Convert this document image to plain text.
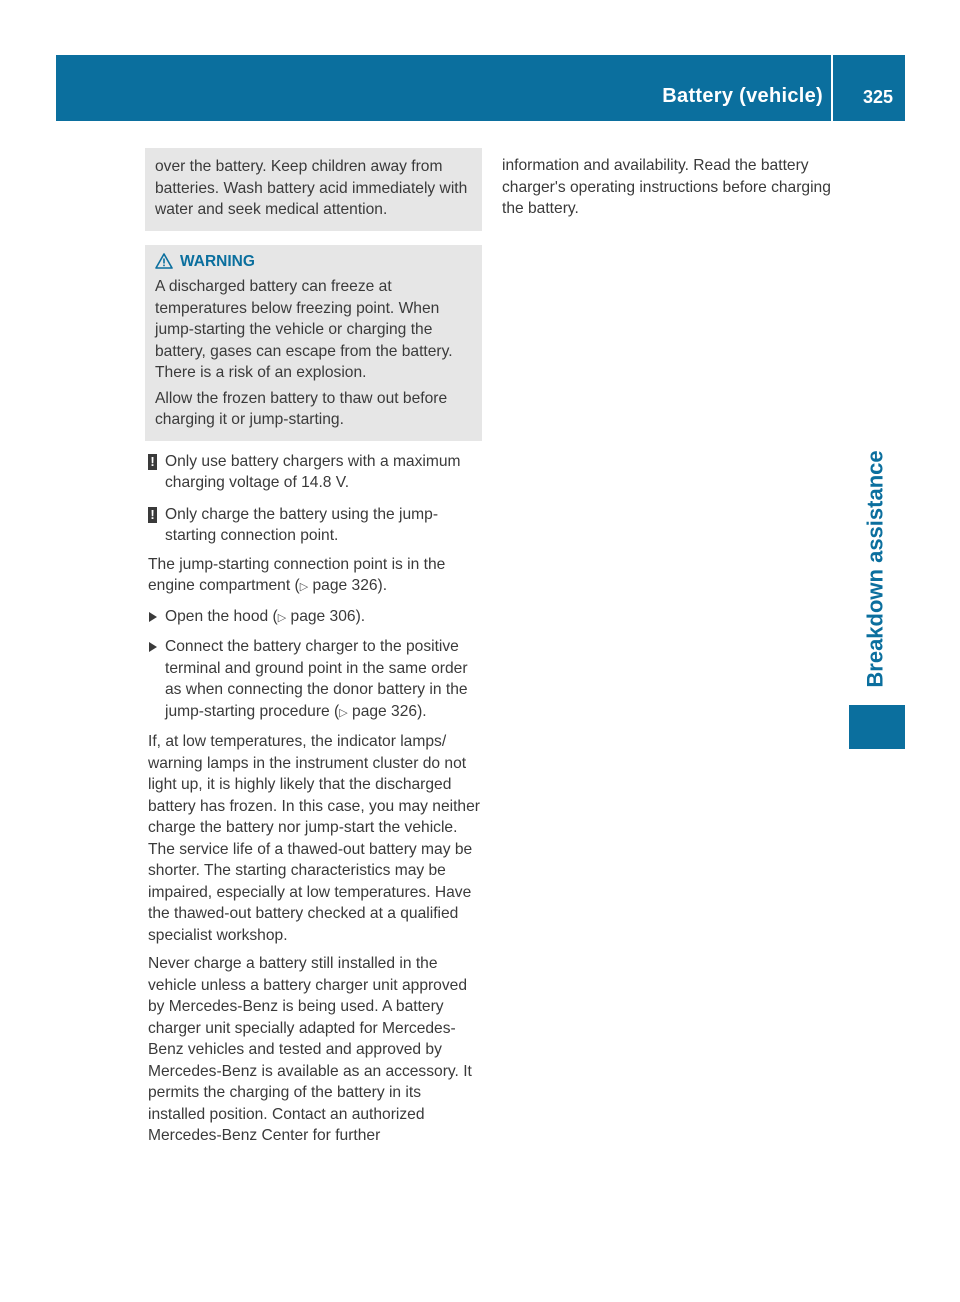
Battery (vehicle) 325
Breakdown assistance

over the battery. Keep children away from batteries. Wash battery acid immediately with water and seek medical attention.

WARNING

A discharged battery can freeze at temperatures below freezing point. When jump-starting the vehicle or charging the battery, gases can escape from the battery. There is a risk of an explosion.

Allow the frozen battery to thaw out before charging it or jump-starting.

! Only use battery chargers with a maximum charging voltage of 14.8 V.

! Only charge the battery using the jump-starting connection point.

The jump-starting connection point is in the engine compartment (▷ page 326).

Open the hood (▷ page 306).

Connect the battery charger to the positive terminal and ground point in the same order as when connecting the donor battery in the jump-starting procedure (▷ page 326).

If, at low temperatures, the indicator lamps/ warning lamps in the instrument cluster do not light up, it is highly likely that the discharged battery has frozen. In this case, you may neither charge the battery nor jump-start the vehicle. The service life of a thawed-out battery may be shorter. The starting characteristics may be impaired, especially at low temperatures. Have the thawed-out battery checked at a qualified specialist workshop.

Never charge a battery still installed in the vehicle unless a battery charger unit approved by Mercedes-Benz is being used. A battery charger unit specially adapted for Mercedes-Benz vehicles and tested and approved by Mercedes-Benz is available as an accessory. It permits the charging of the battery in its installed position. Contact an authorized Mercedes-Benz Center for further

information and availability. Read the battery charger's operating instructions before charging the battery.
